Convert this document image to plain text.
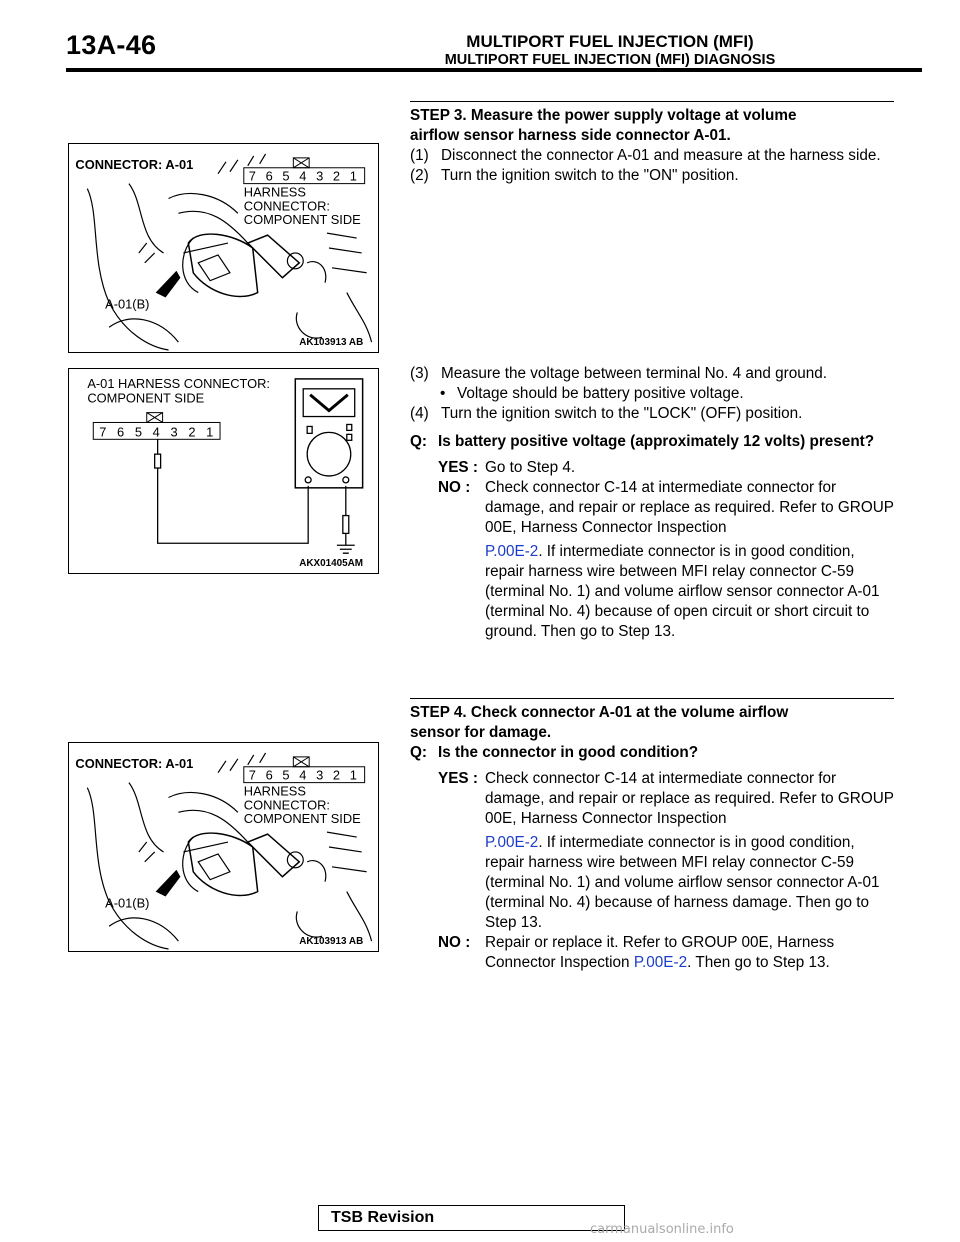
13A-46	MULTIPORT FUEL INJECTION (MFI)
MULTIPORT FUEL INJECTION (MFI) DIAGNOSIS
CONNECTOR: A-01
7 6 5 4 3 2 1
HARNESS
CONNECTOR:
COMPONENT SIDE
A-01(B)
AK103913 AB
A-01 HARNESS CONNECTOR:
COMPONENT SIDE
7 6 5 4 3 2 1
AKX01405AM
CONNECTOR: A-01
7 6 5 4 3 2 1
HARNESS
CONNECTOR:
COMPONENT SIDE
A-01(B)
AK103913 AB
STEP 3. Measure the power supply voltage at volume
airflow sensor harness side connector A-01.
(1) Disconnect the connector A-01 and measure at the harness side.
(2) Turn the ignition switch to the "ON" position.
(3) Measure the voltage between terminal No. 4 and ground.
• Voltage should be battery positive voltage.
(4) Turn the ignition switch to the "LOCK" (OFF) position.
Q: Is battery positive voltage (approximately 12 volts) present?
YES : Go to Step 4.
NO : Check connector C-14 at intermediate connector for damage, and repair or replace as required. Refer to GROUP 00E, Harness Connector Inspection
P.00E-2. If intermediate connector is in good condition, repair harness wire between MFI relay connector C-59 (terminal No. 1) and volume airflow sensor connector A-01 (terminal No. 4) because of open circuit or short circuit to ground. Then go to Step 13.
STEP 4. Check connector A-01 at the volume airflow
sensor for damage.
Q: Is the connector in good condition?
YES : Check connector C-14 at intermediate connector for damage, and repair or replace as required. Refer to GROUP 00E, Harness Connector Inspection
P.00E-2. If intermediate connector is in good condition, repair harness wire between MFI relay connector C-59 (terminal No. 1) and volume airflow sensor connector A-01 (terminal No. 4) because of harness damage. Then go to Step 13.
NO : Repair or replace it. Refer to GROUP 00E, Harness Connector Inspection P.00E-2. Then go to Step 13.
TSB Revision
carmanualsonline.info
